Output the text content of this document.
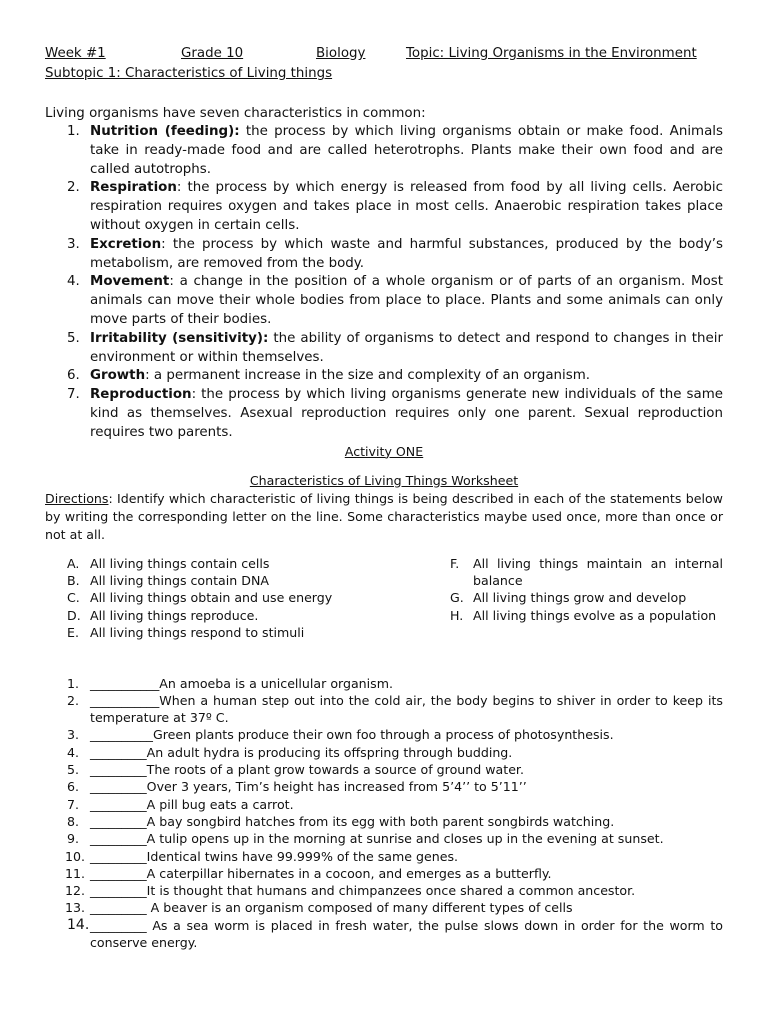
Week #1	Grade 10	Biology	Topic: Living Organisms in the Environment
Subtopic 1: Characteristics of Living things
Living organisms have seven characteristics in common:
1. Nutrition (feeding): the process by which living organisms obtain or make food. Animals take in ready-made food and are called heterotrophs. Plants make their own food and are called autotrophs.
2. Respiration: the process by which energy is released from food by all living cells. Aerobic respiration requires oxygen and takes place in most cells. Anaerobic respiration takes place without oxygen in certain cells.
3. Excretion: the process by which waste and harmful substances, produced by the body’s metabolism, are removed from the body.
4. Movement: a change in the position of a whole organism or of parts of an organism. Most animals can move their whole bodies from place to place. Plants and some animals can only move parts of their bodies.
5. Irritability (sensitivity): the ability of organisms to detect and respond to changes in their environment or within themselves.
6. Growth: a permanent increase in the size and complexity of an organism.
7. Reproduction: the process by which living organisms generate new individuals of the same kind as themselves. Asexual reproduction requires only one parent. Sexual reproduction requires two parents.
Activity ONE
Characteristics of Living Things Worksheet
Directions: Identify which characteristic of living things is being described in each of the statements below by writing the corresponding letter on the line. Some characteristics maybe used once, more than once or not at all.
A. All living things contain cells
B. All living things contain DNA
C. All living things obtain and use energy
D. All living things reproduce.
E. All living things respond to stimuli
F. All living things maintain an internal balance
G. All living things grow and develop
H. All living things evolve as a population
1. ___________An amoeba is a unicellular organism.
2. ___________When a human step out into the cold air, the body begins to shiver in order to keep its temperature at 37º C.
3. __________Green plants produce their own foo through a process of photosynthesis.
4. _________An adult hydra is producing its offspring through budding.
5. _________The roots of a plant grow towards a source of ground water.
6. _________Over 3 years, Tim’s height has increased from 5’4’’ to 5’11’’
7. _________A pill bug eats a carrot.
8. _________A bay songbird hatches from its egg with both parent songbirds watching.
9. _________A tulip opens up in the morning at sunrise and closes up in the evening at sunset.
10. _________Identical twins have 99.999% of the same genes.
11. _________A caterpillar hibernates in a cocoon, and emerges as a butterfly.
12. _________It is thought that humans and chimpanzees once shared a common ancestor.
13. _________ A beaver is an organism composed of many different types of cells
14. _________ As a sea worm is placed in fresh water, the pulse slows down in order for the worm to conserve energy.
